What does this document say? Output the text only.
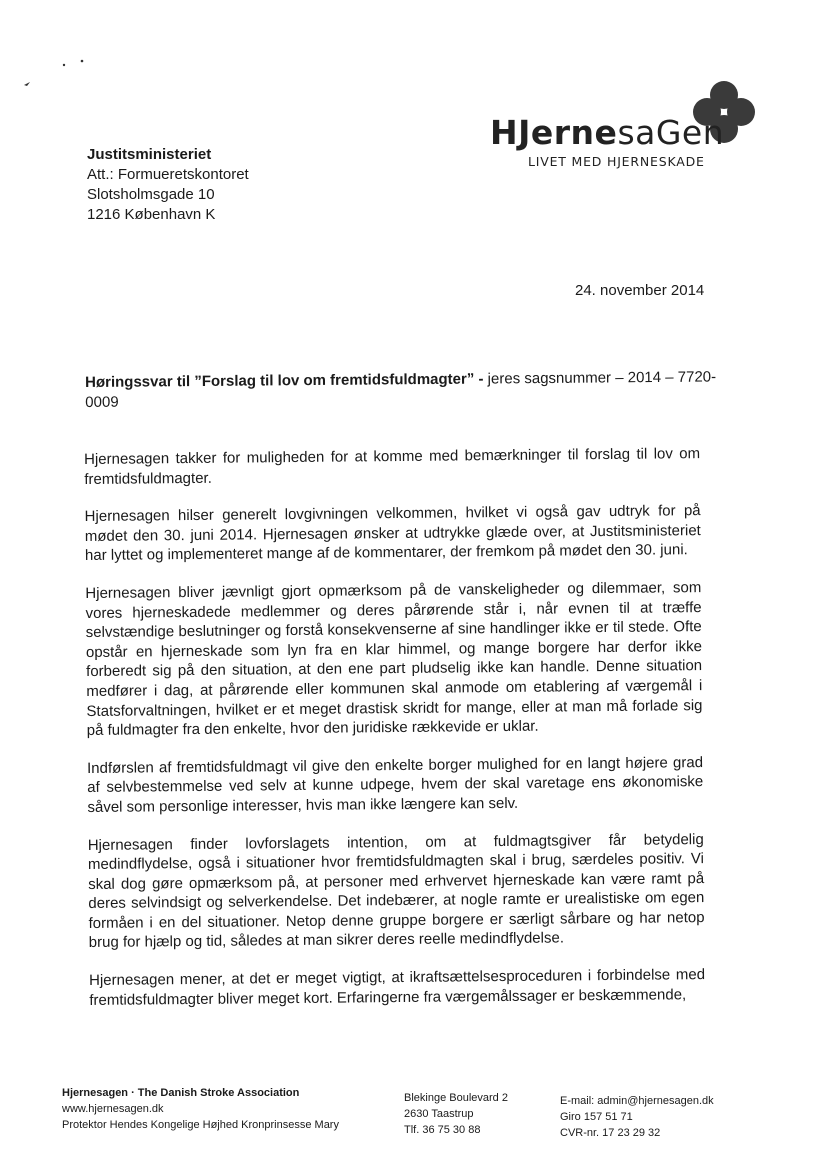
HJernesaGen
LIVET MED HJERNESKADE
Justitsministeriet
Att.: Formueretskontoret
Slotsholmsgade 10
1216 København K
24. november 2014
Høringssvar til ”Forslag til lov om fremtidsfuldmagter” - jeres sagsnummer – 2014 – 7720-0009

Hjernesagen takker for muligheden for at komme med bemærkninger til forslag til lov om fremtidsfuldmagter.

Hjernesagen hilser generelt lovgivningen velkommen, hvilket vi også gav udtryk for på mødet den 30. juni 2014. Hjernesagen ønsker at udtrykke glæde over, at Justitsministeriet har lyttet og implementeret mange af de kommentarer, der fremkom på mødet den 30. juni.

Hjernesagen bliver jævnligt gjort opmærksom på de vanskeligheder og dilemmaer, som vores hjerneskadede medlemmer og deres pårørende står i, når evnen til at træffe selvstændige beslutninger og forstå konsekvenserne af sine handlinger ikke er til stede. Ofte opstår en hjerneskade som lyn fra en klar himmel, og mange borgere har derfor ikke forberedt sig på den situation, at den ene part pludselig ikke kan handle. Denne situation medfører i dag, at pårørende eller kommunen skal anmode om etablering af værgemål i Statsforvaltningen, hvilket er et meget drastisk skridt for mange, eller at man må forlade sig på fuldmagter fra den enkelte, hvor den juridiske rækkevide er uklar.

Indførslen af fremtidsfuldmagt vil give den enkelte borger mulighed for en langt højere grad af selvbestemmelse ved selv at kunne udpege, hvem der skal varetage ens økonomiske såvel som personlige interesser, hvis man ikke længere kan selv.

Hjernesagen finder lovforslagets intention, om at fuldmagtsgiver får betydelig medindflydelse, også i situationer hvor fremtidsfuldmagten skal i brug, særdeles positiv. Vi skal dog gøre opmærksom på, at personer med erhvervet hjerneskade kan være ramt på deres selvindsigt og selverkendelse. Det indebærer, at nogle ramte er urealistiske om egen formåen i en del situationer. Netop denne gruppe borgere er særligt sårbare og har netop brug for hjælp og tid, således at man sikrer deres reelle medindflydelse.

Hjernesagen mener, at det er meget vigtigt, at ikraftsættelsesproceduren i forbindelse med fremtidsfuldmagter bliver meget kort. Erfaringerne fra værgemålssager er beskæmmende,

Hjernesagen · The Danish Stroke Association
www.hjernesagen.dk
Protektor Hendes Kongelige Højhed Kronprinsesse Mary
Blekinge Boulevard 2
2630 Taastrup
Tlf. 36 75 30 88
E-mail: admin@hjernesagen.dk
Giro 157 51 71
CVR-nr. 17 23 29 32
